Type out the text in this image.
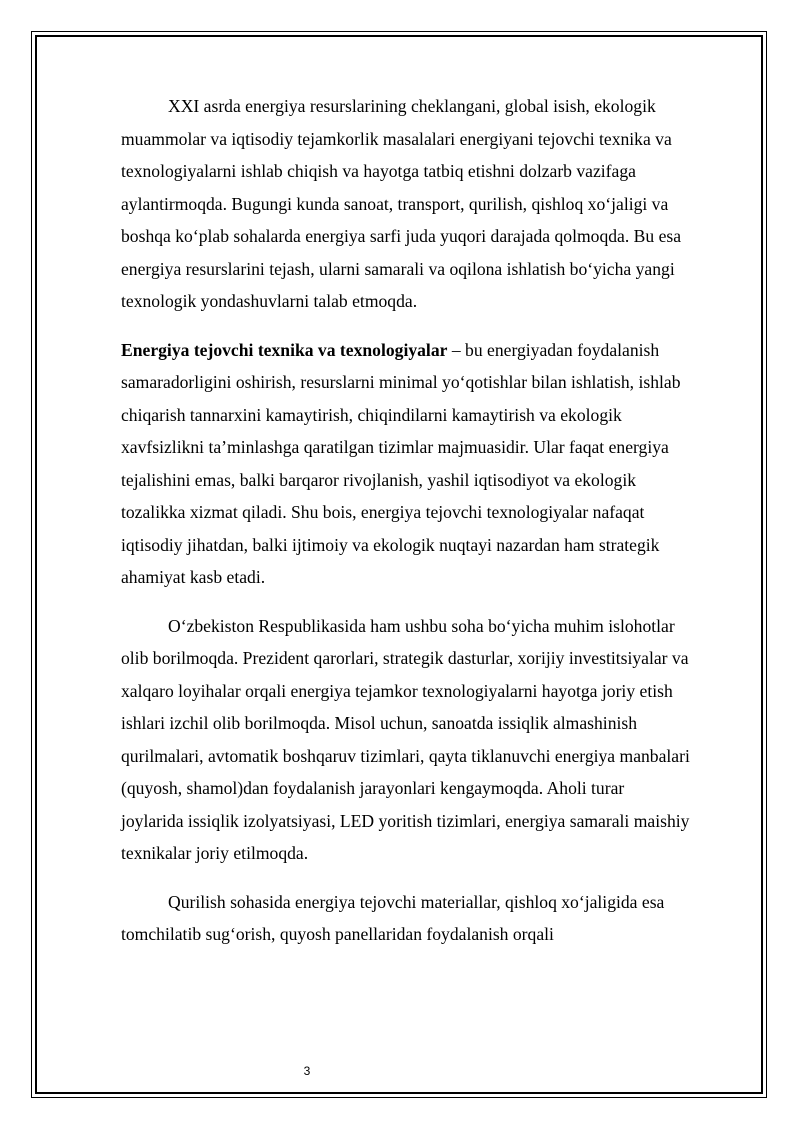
XXI asrda energiya resurslarining cheklangani, global isish, ekologik muammolar va iqtisodiy tejamkorlik masalalari energiyani tejovchi texnika va texnologiyalarni ishlab chiqish va hayotga tatbiq etishni dolzarb vazifaga aylantirmoqda. Bugungi kunda sanoat, transport, qurilish, qishloq xoʻjaligi va boshqa koʻplab sohalarda energiya sarfi juda yuqori darajada qolmoqda. Bu esa energiya resurslarini tejash, ularni samarali va oqilona ishlatish boʻyicha yangi texnologik yondashuvlarni talab etmoqda.

Energiya tejovchi texnika va texnologiyalar – bu energiyadan foydalanish samaradorligini oshirish, resurslarni minimal yoʻqotishlar bilan ishlatish, ishlab chiqarish tannarxini kamaytirish, chiqindilarni kamaytirish va ekologik xavfsizlikni ta’minlashga qaratilgan tizimlar majmuasidir. Ular faqat energiya tejalishini emas, balki barqaror rivojlanish, yashil iqtisodiyot va ekologik tozalikka xizmat qiladi. Shu bois, energiya tejovchi texnologiyalar nafaqat iqtisodiy jihatdan, balki ijtimoiy va ekologik nuqtayi nazardan ham strategik ahamiyat kasb etadi.

Oʻzbekiston Respublikasida ham ushbu soha boʻyicha muhim islohotlar olib borilmoqda. Prezident qarorlari, strategik dasturlar, xorijiy investitsiyalar va xalqaro loyihalar orqali energiya tejamkor texnologiyalarni hayotga joriy etish ishlari izchil olib borilmoqda. Misol uchun, sanoatda issiqlik almashinish qurilmalari, avtomatik boshqaruv tizimlari, qayta tiklanuvchi energiya manbalari (quyosh, shamol)dan foydalanish jarayonlari kengaymoqda. Aholi turar joylarida issiqlik izolyatsiyasi, LED yoritish tizimlari, energiya samarali maishiy texnikalar joriy etilmoqda.

Qurilish sohasida energiya tejovchi materiallar, qishloq xoʻjaligida esa tomchilatib sugʻorish, quyosh panellaridan foydalanish orqali

3
